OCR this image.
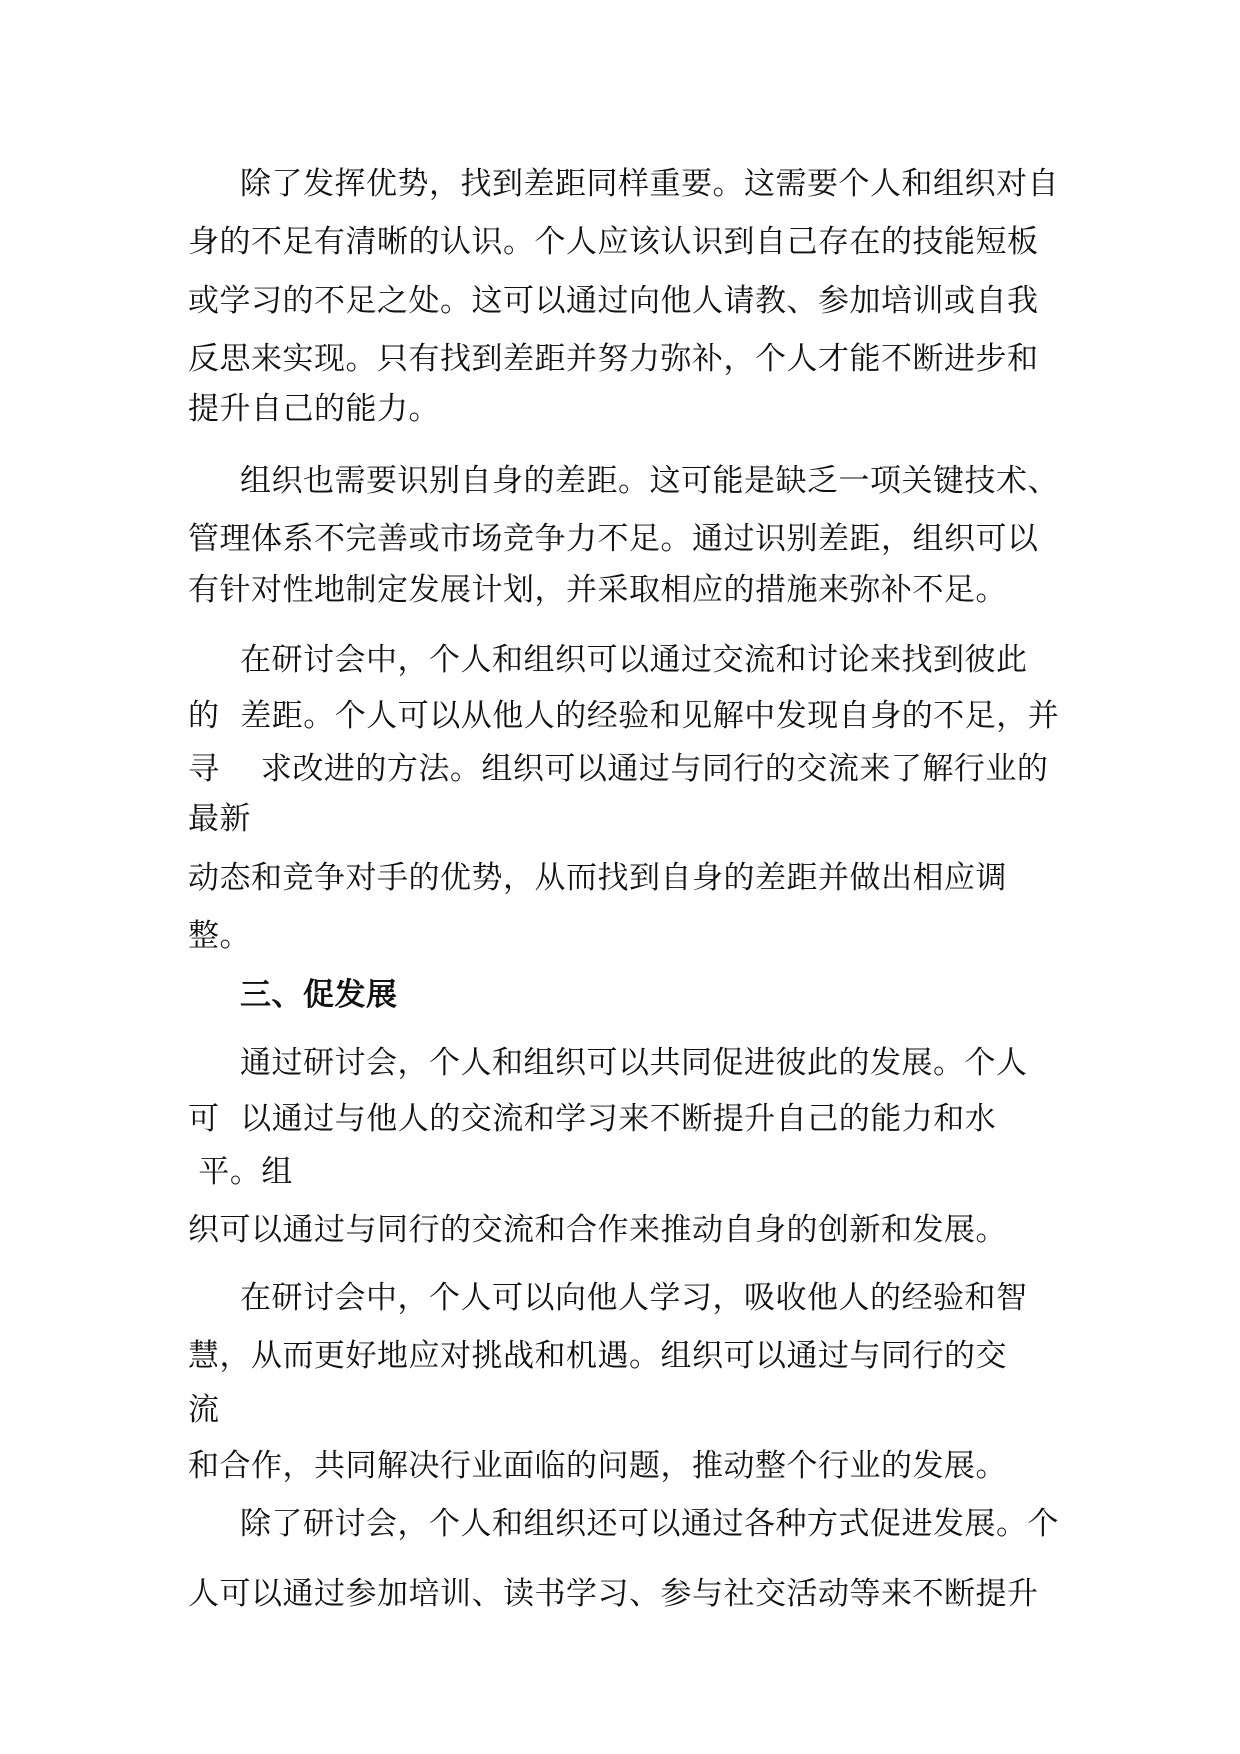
除了发挥优势，找到差距同样重要。这需要个人和组织对自
身的不足有清晰的认识。个人应该认识到自己存在的技能短板
或学习的不足之处。这可以通过向他人请教、参加培训或自我
反思来实现。只有找到差距并努力弥补，个人才能不断进步和
提升自己的能力。
组织也需要识别自身的差距。这可能是缺乏一项关键技术、
管理体系不完善或市场竞争力不足。通过识别差距，组织可以
有针对性地制定发展计划，并采取相应的措施来弥补不足。
在研讨会中，个人和组织可以通过交流和讨论来找到彼此
的  差距。个人可以从他人的经验和见解中发现自身的不足，并
寻    求改进的方法。组织可以通过与同行的交流来了解行业的
最新
动态和竞争对手的优势，从而找到自身的差距并做出相应调
整。
三、促发展
通过研讨会，个人和组织可以共同促进彼此的发展。个人
可  以通过与他人的交流和学习来不断提升自己的能力和水
平。组
织可以通过与同行的交流和合作来推动自身的创新和发展。
在研讨会中，个人可以向他人学习，吸收他人的经验和智
慧，从而更好地应对挑战和机遇。组织可以通过与同行的交
流
和合作，共同解决行业面临的问题，推动整个行业的发展。
除了研讨会，个人和组织还可以通过各种方式促进发展。个
人可以通过参加培训、读书学习、参与社交活动等来不断提升
